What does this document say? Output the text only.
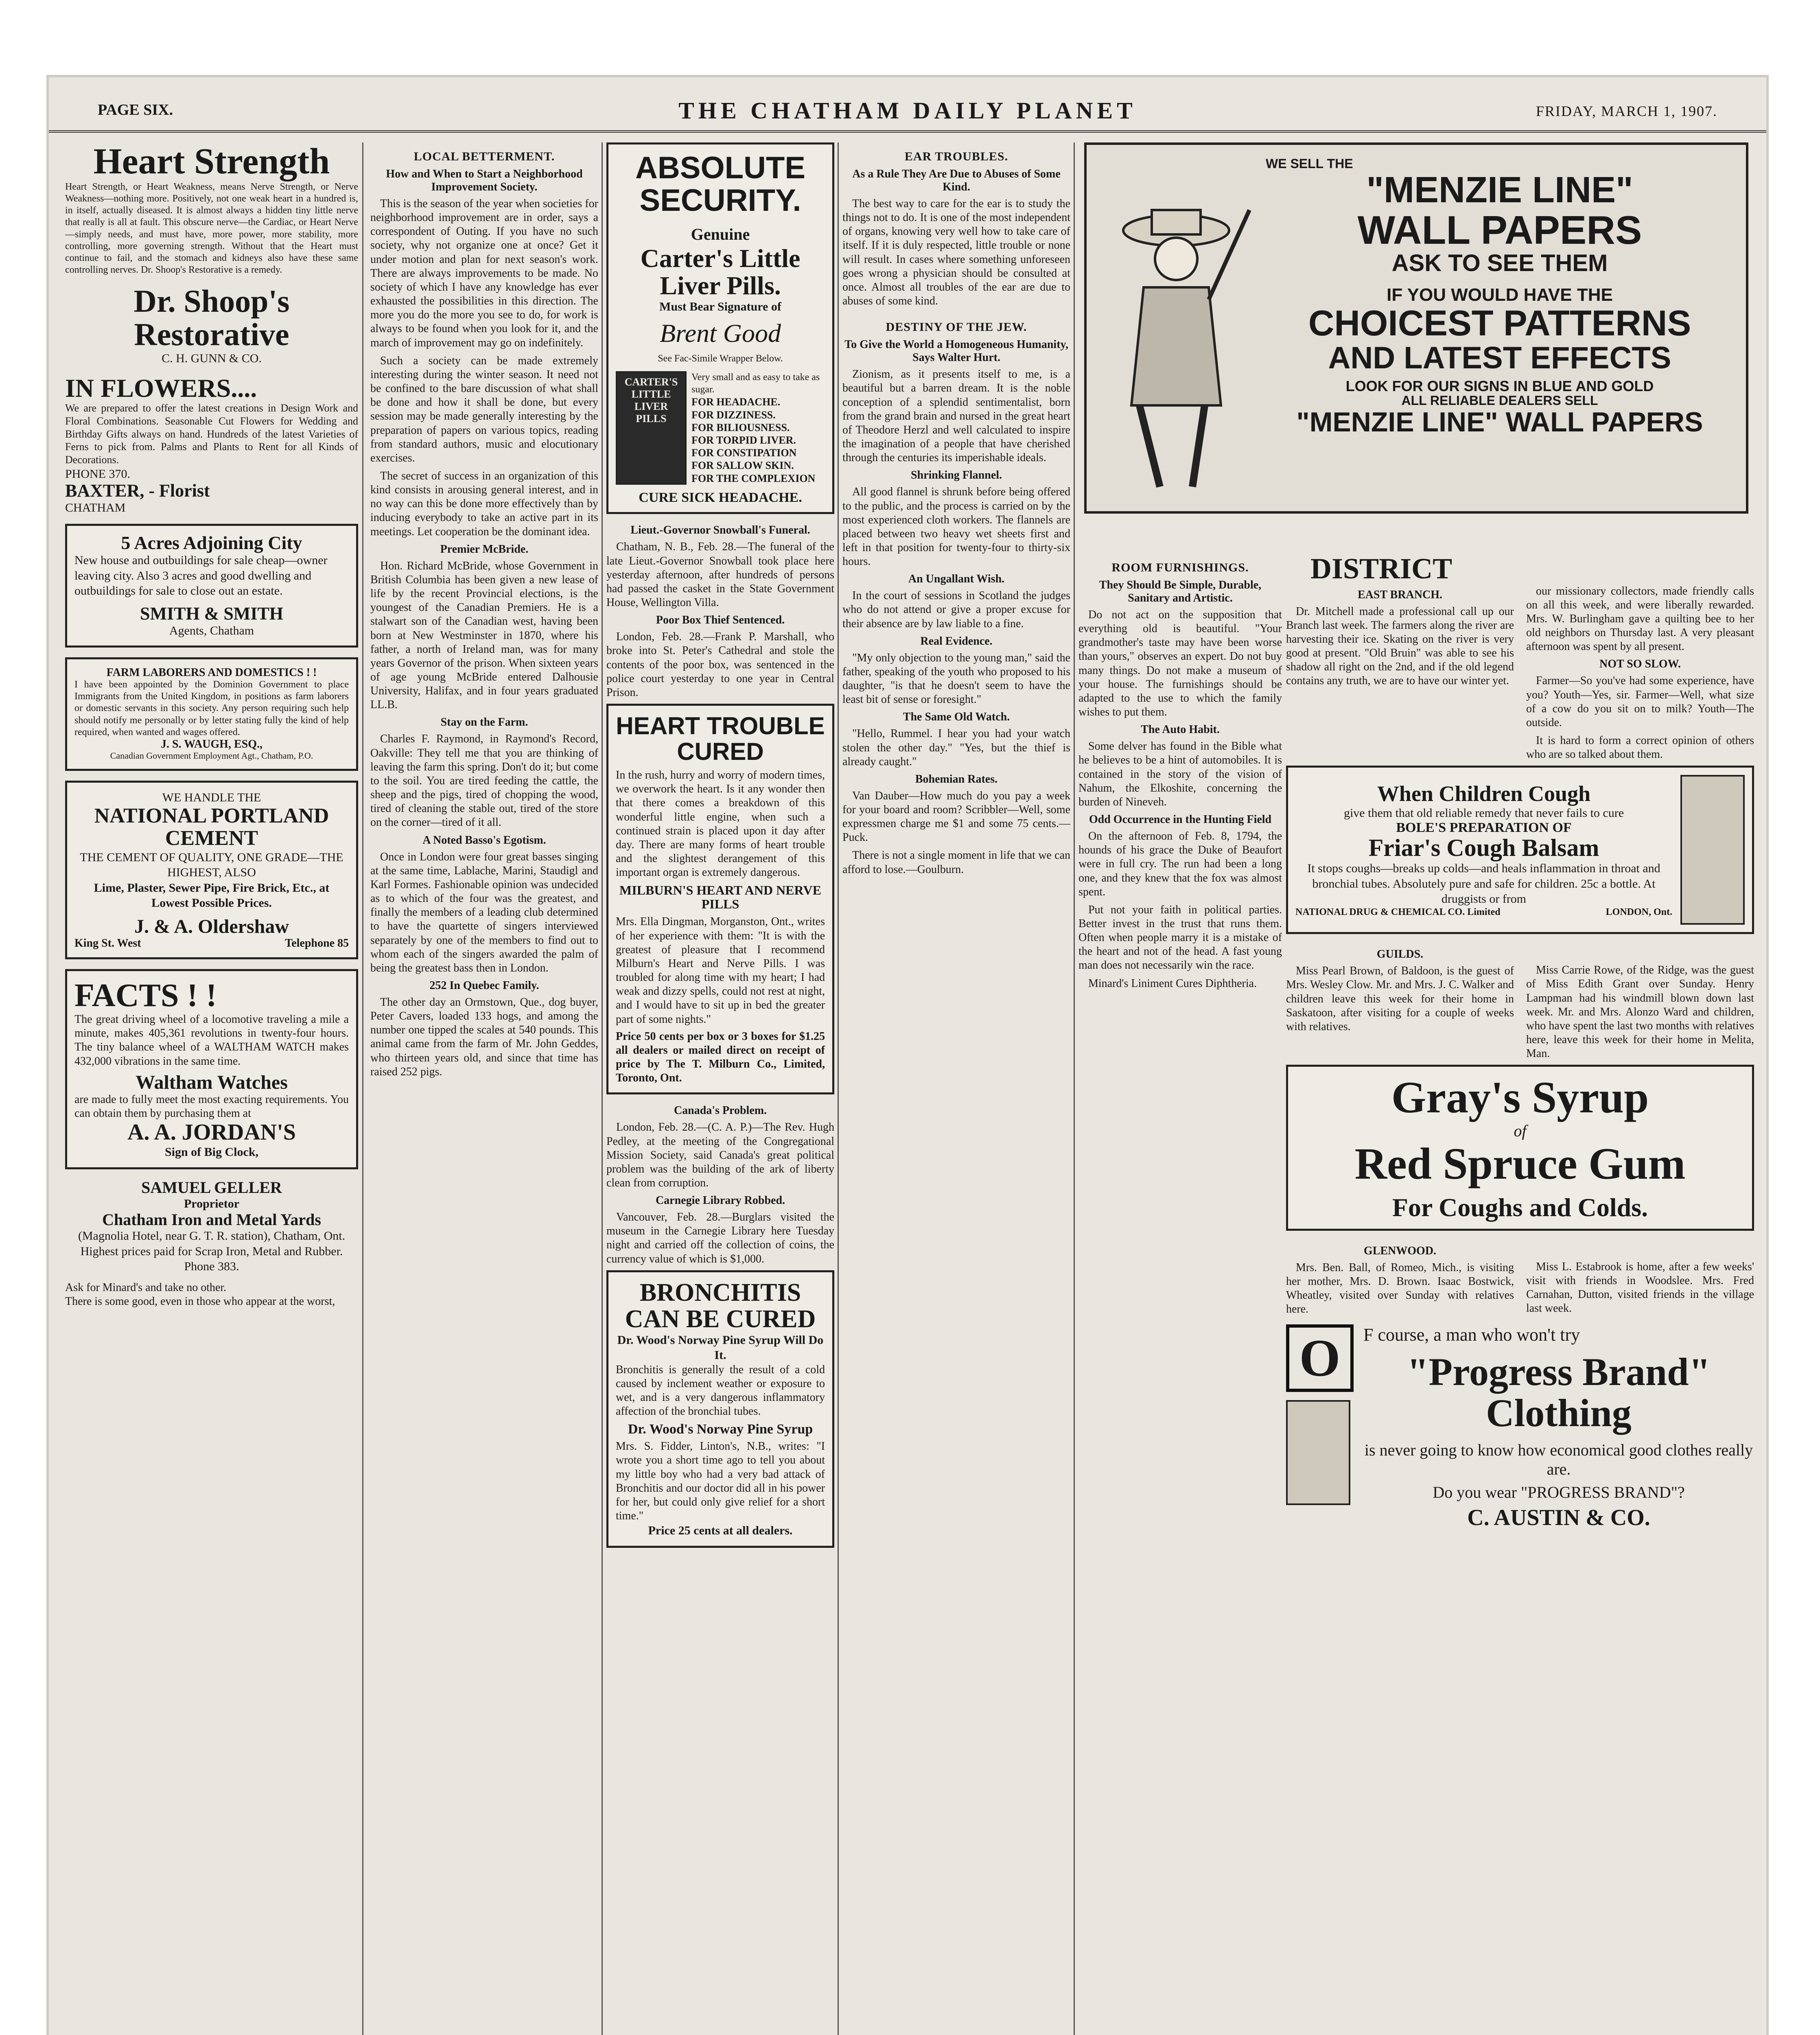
PAGE SIX.	THE CHATHAM DAILY PLANET	FRIDAY, MARCH 1, 1907.
Heart Strength
Heart Strength, or Heart Weakness, means Nerve Strength, or Nerve Weakness—nothing more. Positively, not one weak heart in a hundred is, in itself, actually diseased. It is almost always a hidden tiny little nerve that really is all at fault. This obscure nerve—the Cardiac, or Heart Nerve—simply needs, and must have, more power, more stability, more controlling, more governing strength. Without that the Heart must continue to fail, and the stomach and kidneys also have these same controlling nerves. Dr. Shoop's Restorative is a remedy.
Dr. Shoop's Restorative
C. H. GUNN & CO.
IN FLOWERS....
We are prepared to offer the latest creations in Design Work and Floral Combinations. Seasonable Cut Flowers for Wedding and Birthday Gifts always on hand. Hundreds of the latest Varieties of Ferns to pick from. Palms and Plants to Rent for all Kinds of Decorations.
PHONE 370.
BAXTER, - Florist
CHATHAM
5 Acres Adjoining City
New house and outbuildings for sale cheap—owner leaving city. Also 3 acres and good dwelling and outbuildings for sale to close out an estate.
SMITH & SMITH
Agents, Chatham
FARM LABORERS AND DOMESTICS ! !
I have been appointed by the Dominion Government to place Immigrants from the United Kingdom, in positions as farm laborers or domestic servants in this society. Any person requiring such help should notify me personally or by letter stating fully the kind of help required, when wanted and wages offered.
J. S. WAUGH, ESQ.,
Canadian Government Employment Agt., Chatham, P.O.
WE HANDLE THE
NATIONAL PORTLAND CEMENT
THE CEMENT OF QUALITY, ONE GRADE—THE HIGHEST, ALSO
Lime, Plaster, Sewer Pipe, Fire Brick, Etc., at Lowest Possible Prices.
J. & A. Oldershaw
King St. West	Telephone 85
FACTS ! !
The great driving wheel of a locomotive traveling a mile a minute, makes 405,361 revolutions in twenty-four hours. The tiny balance wheel of a WALTHAM WATCH makes 432,000 vibrations in the same time.
Waltham Watches
are made to fully meet the most exacting requirements. You can obtain them by purchasing them at
A. A. JORDAN'S
Sign of Big Clock,
SAMUEL GELLER
Proprietor
Chatham Iron and Metal Yards
(Magnolia Hotel, near G. T. R. station), Chatham, Ont.
Highest prices paid for Scrap Iron, Metal and Rubber. Phone 383.
Ask for Minard's and take no other.
There is some good, even in those who appear at the worst,
LOCAL BETTERMENT.
How and When to Start a Neighborhood Improvement Society.

This is the season of the year when societies for neighborhood improvement are in order, says a correspondent of Outing. If you have no such society, why not organize one at once? Get it under motion and plan for next season's work. There are always improvements to be made. No society of which I have any knowledge has ever exhausted the possibilities in this direction. The more you do the more you see to do, for work is always to be found when you look for it, and the march of improvement may go on indefinitely.

Such a society can be made extremely interesting during the winter season. It need not be confined to the bare discussion of what shall be done and how it shall be done, but every session may be made generally interesting by the preparation of papers on various topics, reading from standard authors, music and elocutionary exercises.

The secret of success in an organization of this kind consists in arousing general interest, and in no way can this be done more effectively than by inducing everybody to take an active part in its meetings. Let cooperation be the dominant idea.

Premier McBride.

Hon. Richard McBride, whose Government in British Columbia has been given a new lease of life by the recent Provincial elections, is the youngest of the Canadian Premiers. He is a stalwart son of the Canadian west, having been born at New Westminster in 1870, where his father, a north of Ireland man, was for many years Governor of the prison. When sixteen years of age young McBride entered Dalhousie University, Halifax, and in four years graduated LL.B.

Stay on the Farm.

Charles F. Raymond, in Raymond's Record, Oakville: They tell me that you are thinking of leaving the farm this spring. Don't do it; but come to the soil. You are tired feeding the cattle, the sheep and the pigs, tired of chopping the wood, tired of cleaning the stable out, tired of the store on the corner—tired of it all.

A Noted Basso's Egotism.

Once in London were four great basses singing at the same time, Lablache, Marini, Staudigl and Karl Formes. Fashionable opinion was undecided as to which of the four was the greatest, and finally the members of a leading club determined to have the quartette of singers interviewed separately by one of the members to find out to whom each of the singers awarded the palm of being the greatest bass then in London.

252 In Quebec Family.

The other day an Ormstown, Que., dog buyer, Peter Cavers, loaded 133 hogs, and among the number one tipped the scales at 540 pounds. This animal came from the farm of Mr. John Geddes, who thirteen years old, and since that time has raised 252 pigs.

ABSOLUTE SECURITY.
Genuine
Carter's Little Liver Pills.
Must Bear Signature of
Brent Good
See Fac-Simile Wrapper Below.
CARTER'S LITTLE LIVER PILLS
Very small and as easy to take as sugar.
FOR HEADACHE.
FOR DIZZINESS.
FOR BILIOUSNESS.
FOR TORPID LIVER.
FOR CONSTIPATION
FOR SALLOW SKIN.
FOR THE COMPLEXION
CURE SICK HEADACHE.
Lieut.-Governor Snowball's Funeral.

Chatham, N. B., Feb. 28.—The funeral of the late Lieut.-Governor Snowball took place here yesterday afternoon, after hundreds of persons had passed the casket in the State Government House, Wellington Villa.

Poor Box Thief Sentenced.

London, Feb. 28.—Frank P. Marshall, who broke into St. Peter's Cathedral and stole the contents of the poor box, was sentenced in the police court yesterday to one year in Central Prison.

HEART TROUBLE CURED
In the rush, hurry and worry of modern times, we overwork the heart. Is it any wonder then that there comes a breakdown of this wonderful little engine, when such a continued strain is placed upon it day after day. There are many forms of heart trouble and the slightest derangement of this important organ is extremely dangerous.
MILBURN'S HEART AND NERVE PILLS
Mrs. Ella Dingman, Morganston, Ont., writes of her experience with them: "It is with the greatest of pleasure that I recommend Milburn's Heart and Nerve Pills. I was troubled for along time with my heart; I had weak and dizzy spells, could not rest at night, and I would have to sit up in bed the greater part of some nights."
Price 50 cents per box or 3 boxes for $1.25 all dealers or mailed direct on receipt of price by The T. Milburn Co., Limited, Toronto, Ont.
Canada's Problem.

London, Feb. 28.—(C. A. P.)—The Rev. Hugh Pedley, at the meeting of the Congregational Mission Society, said Canada's great political problem was the building of the ark of liberty clean from corruption.

Carnegie Library Robbed.

Vancouver, Feb. 28.—Burglars visited the museum in the Carnegie Library here Tuesday night and carried off the collection of coins, the currency value of which is $1,000.

BRONCHITIS CAN BE CURED
Dr. Wood's Norway Pine Syrup Will Do It.
Bronchitis is generally the result of a cold caused by inclement weather or exposure to wet, and is a very dangerous inflammatory affection of the bronchial tubes.
Dr. Wood's Norway Pine Syrup
Mrs. S. Fidder, Linton's, N.B., writes: "I wrote you a short time ago to tell you about my little boy who had a very bad attack of Bronchitis and our doctor did all in his power for her, but could only give relief for a short time."
Price 25 cents at all dealers.
EAR TROUBLES.
As a Rule They Are Due to Abuses of Some Kind.

The best way to care for the ear is to study the things not to do. It is one of the most independent of organs, knowing very well how to take care of itself. If it is duly respected, little trouble or none will result. In cases where something unforeseen goes wrong a physician should be consulted at once. Almost all troubles of the ear are due to abuses of some kind.

DESTINY OF THE JEW.
To Give the World a Homogeneous Humanity, Says Walter Hurt.

Zionism, as it presents itself to me, is a beautiful but a barren dream. It is the noble conception of a splendid sentimentalist, born from the grand brain and nursed in the great heart of Theodore Herzl and well calculated to inspire the imagination of a people that have cherished through the centuries its imperishable ideals.

Shrinking Flannel.

All good flannel is shrunk before being offered to the public, and the process is carried on by the most experienced cloth workers. The flannels are placed between two heavy wet sheets first and left in that position for twenty-four to thirty-six hours.

An Ungallant Wish.

In the court of sessions in Scotland the judges who do not attend or give a proper excuse for their absence are by law liable to a fine.

Real Evidence.

"My only objection to the young man," said the father, speaking of the youth who proposed to his daughter, "is that he doesn't seem to have the least bit of sense or foresight."

The Same Old Watch.

"Hello, Rummel. I hear you had your watch stolen the other day." "Yes, but the thief is already caught."

Bohemian Rates.

Van Dauber—How much do you pay a week for your board and room? Scribbler—Well, some expressmen charge me $1 and some 75 cents.—Puck.

There is not a single moment in life that we can afford to lose.—Goulburn.

WE SELL THE
"MENZIE LINE"
WALL PAPERS
ASK TO SEE THEM
IF YOU WOULD HAVE THE
CHOICEST PATTERNS
AND LATEST EFFECTS
LOOK FOR OUR SIGNS IN BLUE AND GOLD
ALL RELIABLE DEALERS SELL
"MENZIE LINE" WALL PAPERS
ROOM FURNISHINGS.
They Should Be Simple, Durable, Sanitary and Artistic.

Do not act on the supposition that everything old is beautiful. "Your grandmother's taste may have been worse than yours," observes an expert. Do not buy many things. Do not make a museum of your house. The furnishings should be adapted to the use to which the family wishes to put them.

The Auto Habit.

Some delver has found in the Bible what he believes to be a hint of automobiles. It is contained in the story of the vision of Nahum, the Elkoshite, concerning the burden of Nineveh.

Odd Occurrence in the Hunting Field

On the afternoon of Feb. 8, 1794, the hounds of his grace the Duke of Beaufort were in full cry. The run had been a long one, and they knew that the fox was almost spent.

Put not your faith in political parties. Better invest in the trust that runs them. Often when people marry it is a mistake of the heart and not of the head. A fast young man does not necessarily win the race.

Minard's Liniment Cures Diphtheria.

DISTRICT
EAST BRANCH.

Dr. Mitchell made a professional call up our Branch last week. The farmers along the river are harvesting their ice. Skating on the river is very good at present. "Old Bruin" was able to see his shadow all right on the 2nd, and if the old legend contains any truth, we are to have our winter yet.

our missionary collectors, made friendly calls on all this week, and were liberally rewarded. Mrs. W. Burlingham gave a quilting bee to her old neighbors on Thursday last. A very pleasant afternoon was spent by all present.

NOT SO SLOW.

Farmer—So you've had some experience, have you? Youth—Yes, sir. Farmer—Well, what size of a cow do you sit on to milk? Youth—The outside.

It is hard to form a correct opinion of others who are so talked about them.

When Children Cough
give them that old reliable remedy that never fails to cure
BOLE'S PREPARATION OF
Friar's Cough Balsam
It stops coughs—breaks up colds—and heals inflammation in throat and bronchial tubes. Absolutely pure and safe for children. 25c a bottle. At druggists or from
NATIONAL DRUG & CHEMICAL CO. Limited	LONDON, Ont.
GUILDS.

Miss Pearl Brown, of Baldoon, is the guest of Mrs. Wesley Clow. Mr. and Mrs. J. C. Walker and children leave this week for their home in Saskatoon, after visiting for a couple of weeks with relatives.

Miss Carrie Rowe, of the Ridge, was the guest of Miss Edith Grant over Sunday. Henry Lampman had his windmill blown down last week. Mr. and Mrs. Alonzo Ward and children, who have spent the last two months with relatives here, leave this week for their home in Melita, Man.

Gray's Syrup
of
Red Spruce Gum
For Coughs and Colds.
GLENWOOD.

Mrs. Ben. Ball, of Romeo, Mich., is visiting her mother, Mrs. D. Brown. Isaac Bostwick, Wheatley, visited over Sunday with relatives here.

Miss L. Estabrook is home, after a few weeks' visit with friends in Woodslee. Mrs. Fred Carnahan, Dutton, visited friends in the village last week.

O	F course, a man who won't try
"Progress Brand" Clothing
is never going to know how economical good clothes really are.
Do you wear "PROGRESS BRAND"?
C. AUSTIN & CO.
